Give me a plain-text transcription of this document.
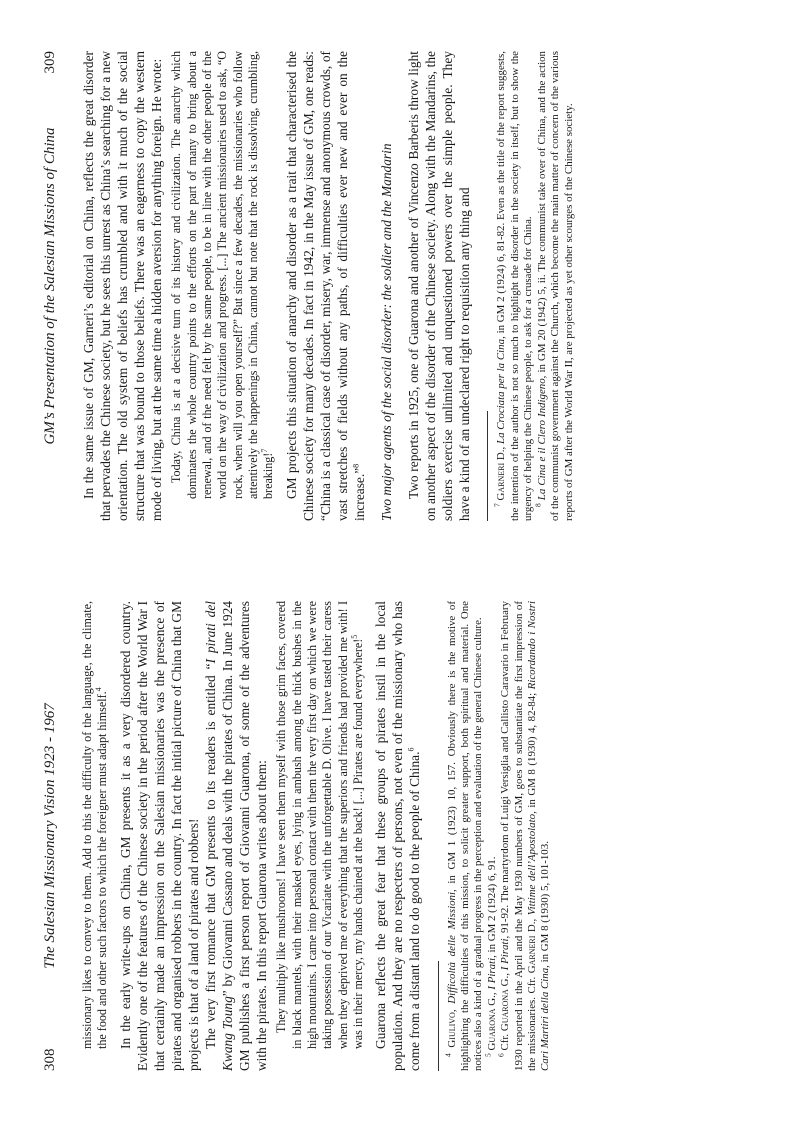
308
The Salesian Missionary Vision 1923 - 1967 missionary likes to convey to them. Add to this the difficulty of the language, the climate, the food and other such factors to which the foreigner must adapt himself.$^4$	In the early write-ups on China, GM presents it as a very disordered country. Evidently one of the features of the Chinese society in the period after the World War I that certainly made an impression on the Salesian missionaries was the presence of pirates and organised robbers in the country. In fact the initial picture of China that GM projects is that of a land of pirates and robbers! The very first romance that GM presents to its readers is entitled “I pirati del Kwang Toung” by Giovanni Cassano and deals with the pirates of China. In June 1924 GM publishes a first person report of Giovanni Guarona, of some of the adventures with the pirates. In this report Guarona writes about them: They multiply like mushrooms! I have seen them myself with those grim faces, covered in black mantels, with their masked eyes, lying in ambush among the thick bushes in the high mountains. I came into personal contact with them the very first day on which we were taking possession of our Vicariate with the unforgettable D. Olive. I have tasted their caress when they deprived me of everything that the superiors and friends had provided me with! I was in their mercy, my hands chained at the back! [...] Pirates are found everywhere!$^5$	Guarona reflects the great fear that these groups of pirates instil in the local population. And they are no respecters of persons, not even of the missionary who has come from a distant land to do good to the people of China.$^6$

$^4$ Giulivo, Difficoltà delle Missioni, in GM 1 (1923) 10, 157. Obviously there is the motive of highlighting the difficulties of this mission, to solicit greater support, both spiritual and material. One notices also a kind of a gradual progress in the perception and evaluation of the general Chinese culture.

$^5$ Guarona G., I Pirati, in GM 2 (1924) 6, 91.

$^6$ Cfr. Guarona G., I Pirati, 91-92. The martyrdom of Luigi Versiglia and Callisto Caravario in February 1930 reported in the April and the May 1930 numbers of GM, goes to substantiate the first impression of the missionaries. Cfr. Garneri D., Vittime dell’Apostolato, in GM 8 (1930) 4, 82-84; Ricordando i Nostri Cari Martiri della Cina, in GM 8 (1930) 5, 101-103.

GM’s Presentation of the Salesian Missions of China
309 In the same issue of GM, Garneri’s editorial on China, reflects the great disorder that pervades the Chinese society, but he sees this unrest as China’s searching for a new orientation. The old system of beliefs has crumbled and with it much of the social structure that was bound to those beliefs. There was an eagerness to copy the western mode of living, but at the same time a hidden aversion for anything foreign. He wrote: Today, China is at a decisive turn of its history and civilization. The anarchy which dominates the whole country points to the efforts on the part of many to bring about a renewal, and of the need felt by the same people, to be in line with the other people of the world on the way of civilization and progress. [...] The ancient missionaries used to ask, “O rock, when will you open yourself?” But since a few decades, the missionaries who follow attentively the happenings in China, cannot but note that the rock is dissolving, crumbling, breaking!$^7$	GM projects this situation of anarchy and disorder as a trait that characterised the Chinese society for many decades. In fact in 1942, in the May issue of GM, one reads: “China is a classical case of disorder, misery, war, immense and anonymous crowds, of vast stretches of fields without any paths, of difficulties ever new and ever on the increase.”$^8$	Two major agents of the social disorder: the soldier and the Mandarin Two reports in 1925, one of Guarona and another of Vincenzo Barberis throw light on another aspect of the disorder of the Chinese society. Along with the Mandarins, the soldiers exercise unlimited and unquestioned powers over the simple people. They have a kind of an undeclared right to requisition any thing and	$^7$ Garneri D., La Crociata per la Cina, in GM 2 (1924) 6, 81-82. Even as the title of the report suggests, the intention of the author is not so much to highlight the disorder in the society in itself, but to show the urgency of helping the Chinese people, to ask for a crusade for China.

$^8$ La Cina e il Clero Indigeno, in GM 20 (1942) 5, ii. The communist take over of China, and the action of the communist government against the Church, which become the main matter of concern of the various reports of GM after the World War II, are projected as yet other scourges of the Chinese society.
